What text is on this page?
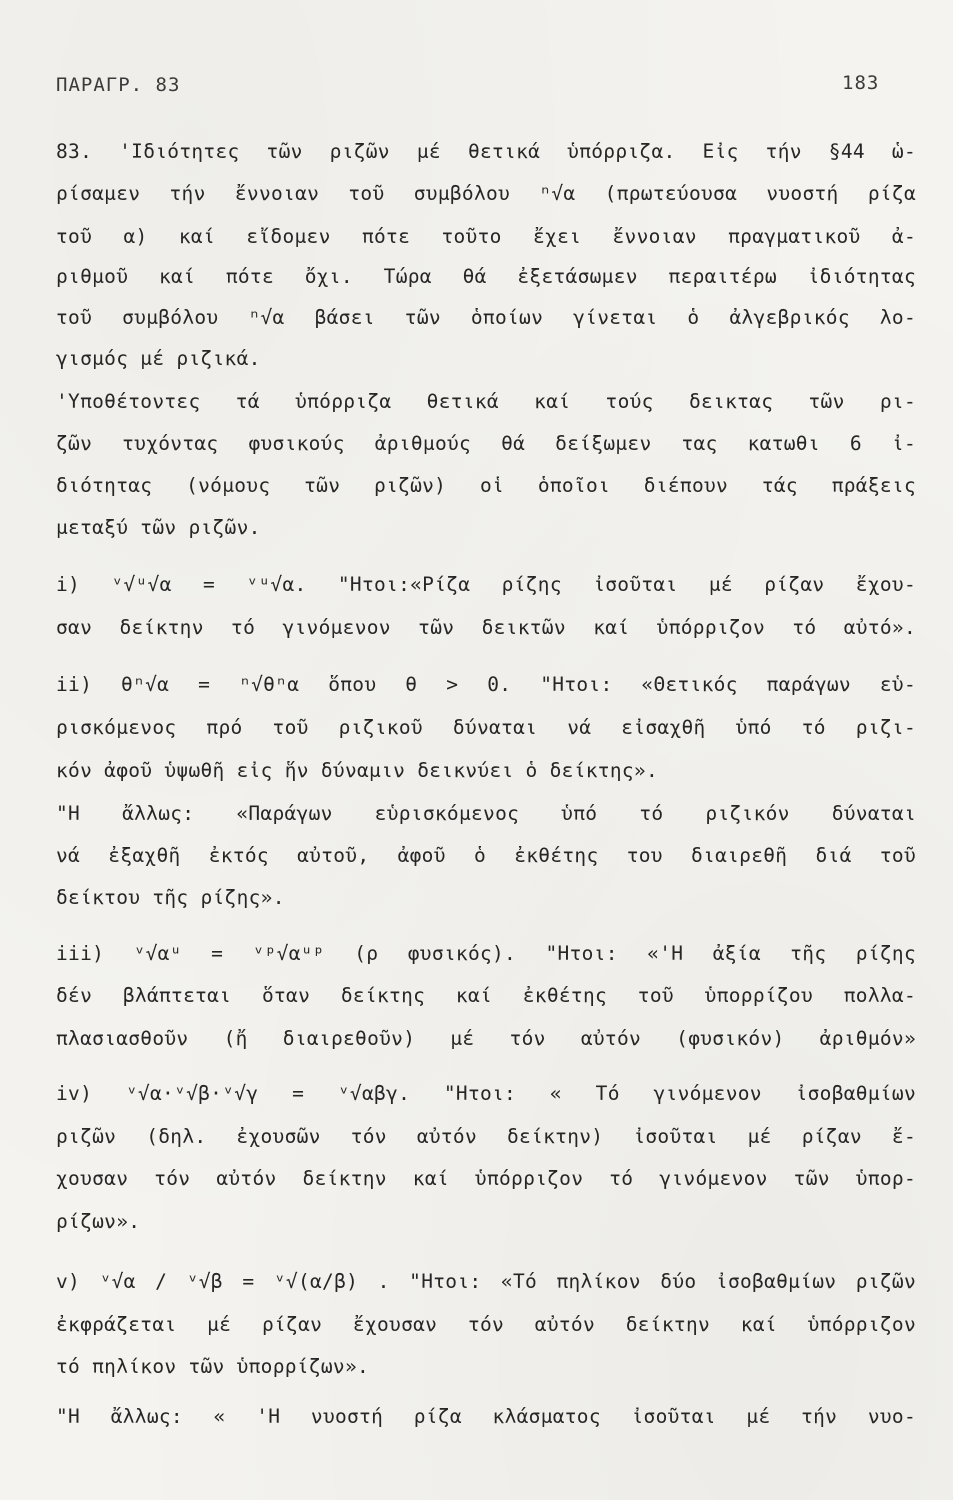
ΠΑΡΑΓΡ. 83	183
83. 'Ιδιότητες τῶν ριζῶν μέ θετικά ὑπόρριζα. Εἰς τήν §44 ὡ-
ρίσαμεν τήν ἔννοιαν τοῦ συμβόλου ⁿ√α (πρωτεύουσα νυοστή ρίζα
τοῦ α) καί εἴδομεν πότε τοῦτο ἔχει ἔννοιαν πραγματικοῦ ἀ-
ριθμοῦ καί πότε ὄχι. Τώρα θά ἐξετάσωμεν περαιτέρω ἰδιότητας
τοῦ συμβόλου ⁿ√α βάσει τῶν ὁποίων γίνεται ὁ ἀλγεβρικός λο-
γισμός μέ ριζικά.
'Υποθέτοντες τά ὑπόρριζα θετικά καί τούς δεικτας τῶν ρι-
ζῶν τυχόντας φυσικούς ἀριθμούς θά δείξωμεν τας κατωθι 6 ἰ-
διότητας (νόμους τῶν ριζῶν) οἱ ὁποῖοι διέπουν τάς πράξεις
μεταξύ τῶν ριζῶν.
i) ᵛ√ᵘ√α = ᵛᵘ√α. "Ητοι:«Ρίζα ρίζης ἰσοῦται μέ ρίζαν ἔχου-
σαν δείκτην τό γινόμενον τῶν δεικτῶν καί ὑπόρριζον τό αὐτό».
ii) θⁿ√α = ⁿ√θⁿα ὅπου θ > 0. "Ητοι: «Θετικός παράγων εὑ-
ρισκόμενος πρό τοῦ ριζικοῦ δύναται νά εἰσαχθῆ ὑπό τό ριζι-
κόν ἀφοῦ ὑψωθῆ εἰς ἥν δύναμιν δεικνύει ὁ δείκτης».
"Η ἄλλως: «Παράγων εὑρισκόμενος ὑπό τό ριζικόν δύναται
νά ἐξαχθῆ ἐκτός αὐτοῦ, ἀφοῦ ὁ ἐκθέτης του διαιρεθῆ διά τοῦ
δείκτου τῆς ρίζης».
iii) ᵛ√αᵘ = ᵛᵖ√αᵘᵖ (ρ φυσικός). "Ητοι: «'Η ἀξία τῆς ρίζης
δέν βλάπτεται ὅταν δείκτης καί ἐκθέτης τοῦ ὑπορρίζου πολλα-
πλασιασθοῦν (ἤ διαιρεθοῦν) μέ τόν αὐτόν (φυσικόν) ἀριθμόν»
iv) ᵛ√α·ᵛ√β·ᵛ√γ = ᵛ√αβγ. "Ητοι: « Τό γινόμενον ἰσοβαθμίων
ριζῶν (δηλ. ἐχουσῶν τόν αὐτόν δείκτην) ἰσοῦται μέ ρίζαν ἔ-
χουσαν τόν αὐτόν δείκτην καί ὑπόρριζον τό γινόμενον τῶν ὑπορ-
ρίζων».
v) ᵛ√α / ᵛ√β = ᵛ√(α/β) . "Ητοι: «Τό πηλίκον δύο ἰσοβαθμίων ριζῶν
ἐκφράζεται μέ ρίζαν ἔχουσαν τόν αὐτόν δείκτην καί ὑπόρριζον
τό πηλίκον τῶν ὑπορρίζων».
"Η ἄλλως: « 'Η νυοστή ρίζα κλάσματος ἰσοῦται μέ τήν νυο-
